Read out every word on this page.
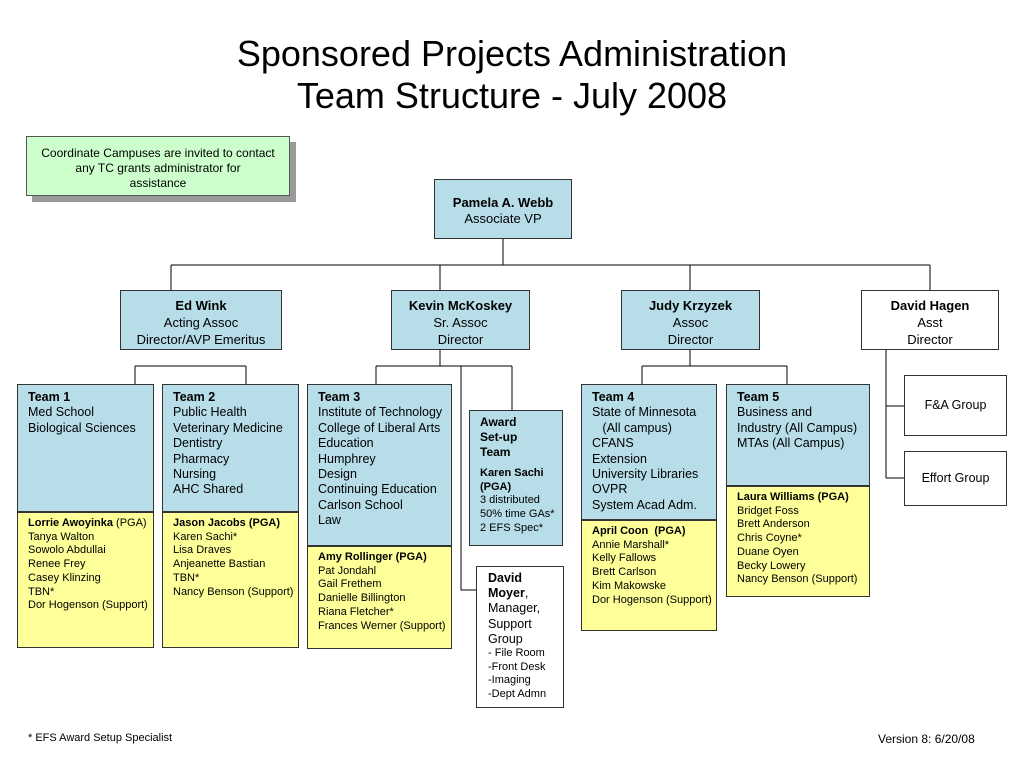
Sponsored Projects Administration
Team Structure - July 2008
Coordinate Campuses are invited to contact
any TC grants administrator for
assistance
Pamela A. Webb
Associate VP
Ed Wink
Acting Assoc
Director/AVP Emeritus
Kevin McKoskey
Sr. Assoc
Director
Judy Krzyzek
Assoc
Director
David Hagen
Asst
Director
Team 1
Med School
Biological Sciences
Lorrie Awoyinka (PGA)
Tanya Walton
Sowolo Abdullai
Renee Frey
Casey Klinzing
TBN*
Dor Hogenson (Support)
Team 2
Public Health
Veterinary Medicine
Dentistry
Pharmacy
Nursing
AHC Shared
Jason Jacobs (PGA)
Karen Sachi*
Lisa Draves
Anjeanette Bastian
TBN*
Nancy Benson (Support)
Team 3
Institute of Technology
College of Liberal Arts
Education
Humphrey
Design
Continuing Education
Carlson School
Law
Amy Rollinger (PGA)
Pat Jondahl
Gail Frethem
Danielle Billington
Riana Fletcher*
Frances Werner (Support)
Award
Set-up
Team
Karen Sachi
(PGA)
3 distributed
50% time GAs*
2 EFS Spec*
David
Moyer,
Manager,
Support
Group
- File Room
-Front Desk
-Imaging
-Dept Admn
Team 4
State of Minnesota
(All campus)
CFANS
Extension
University Libraries
OVPR
System Acad Adm.
April Coon  (PGA)
Annie Marshall*
Kelly Fallows
Brett Carlson
Kim Makowske
Dor Hogenson (Support)
Team 5
Business and
Industry (All Campus)
MTAs (All Campus)
Laura Williams (PGA)
Bridget Foss
Brett Anderson
Chris Coyne*
Duane Oyen
Becky Lowery
Nancy Benson (Support)
F&A Group
Effort Group
* EFS Award Setup Specialist	Version 8: 6/20/08
